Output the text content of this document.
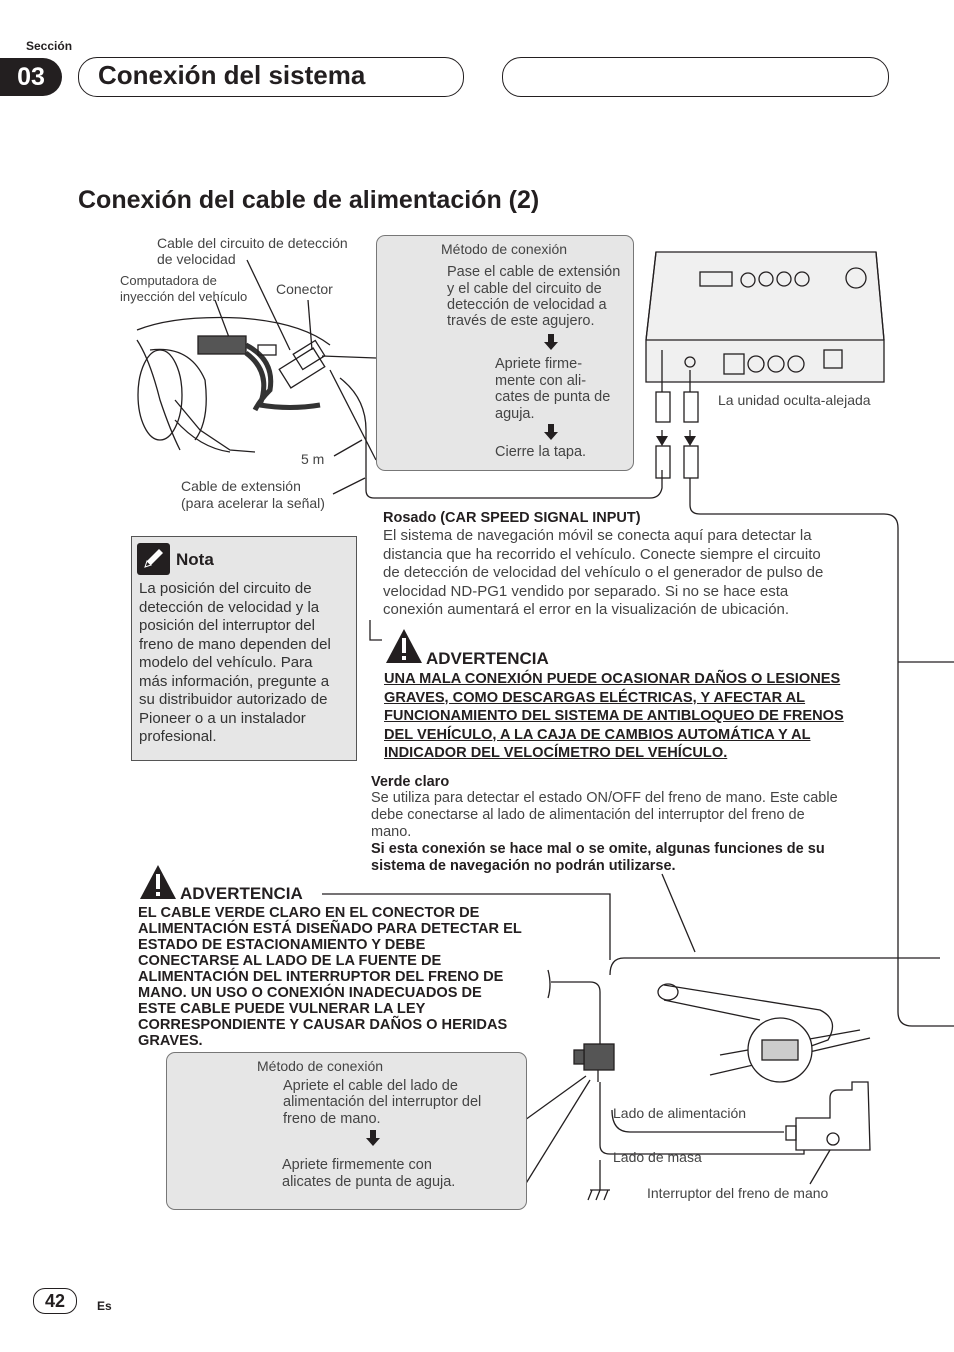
Sección
03	Conexión del sistema
Conexión del cable de alimentación (2)
Cable del circuito de detección
de velocidad
Computadora de
inyección del vehículo Conector
5 m
Cable de extensión
(para acelerar la señal)
La unidad oculta-alejada
Método de conexión
Pase el cable de extensión
y el cable del circuito de
detección de velocidad a
través de este agujero.
Apriete firme-
mente con ali-
cates de punta de
aguja.
Cierre la tapa.
Rosado (CAR SPEED SIGNAL INPUT)
El sistema de navegación móvil se conecta aquí para detectar la
distancia que ha recorrido el vehículo. Conecte siempre el circuito
de detección de velocidad del vehículo o el generador de pulso de
velocidad ND-PG1 vendido por separado. Si no se hace esta
conexión aumentará el error en la visualización de ubicación.
Nota
La posición del circuito de
detección de velocidad y la
posición del interruptor del
freno de mano dependen del
modelo del vehículo. Para
más información, pregunte a
su distribuidor autorizado de
Pioneer o a un instalador
profesional.
ADVERTENCIA
UNA MALA CONEXIÓN PUEDE OCASIONAR DAÑOS O LESIONES
GRAVES, COMO DESCARGAS ELÉCTRICAS, Y AFECTAR AL
FUNCIONAMIENTO DEL SISTEMA DE ANTIBLOQUEO DE FRENOS
DEL VEHÍCULO, A LA CAJA DE CAMBIOS AUTOMÁTICA Y AL
INDICADOR DEL VELOCÍMETRO DEL VEHÍCULO.
Verde claro
Se utiliza para detectar el estado ON/OFF del freno de mano. Este cable
debe conectarse al lado de alimentación del interruptor del freno de
mano.
Si esta conexión se hace mal o se omite, algunas funciones de su
sistema de navegación no podrán utilizarse.
ADVERTENCIA
EL CABLE VERDE CLARO EN EL CONECTOR DE
ALIMENTACIÓN ESTÁ DISEÑADO PARA DETECTAR EL
ESTADO DE ESTACIONAMIENTO Y DEBE
CONECTARSE AL LADO DE LA FUENTE DE
ALIMENTACIÓN DEL INTERRUPTOR DEL FRENO DE
MANO. UN USO O CONEXIÓN INADECUADOS DE
ESTE CABLE PUEDE VULNERAR LA LEY
CORRESPONDIENTE Y CAUSAR DAÑOS O HERIDAS
GRAVES.
Método de conexión
Apriete el cable del lado de
alimentación del interruptor del
freno de mano.
Apriete firmemente con
alicates de punta de aguja.
Lado de alimentación
Lado de masa
Interruptor del freno de mano
42	Es
